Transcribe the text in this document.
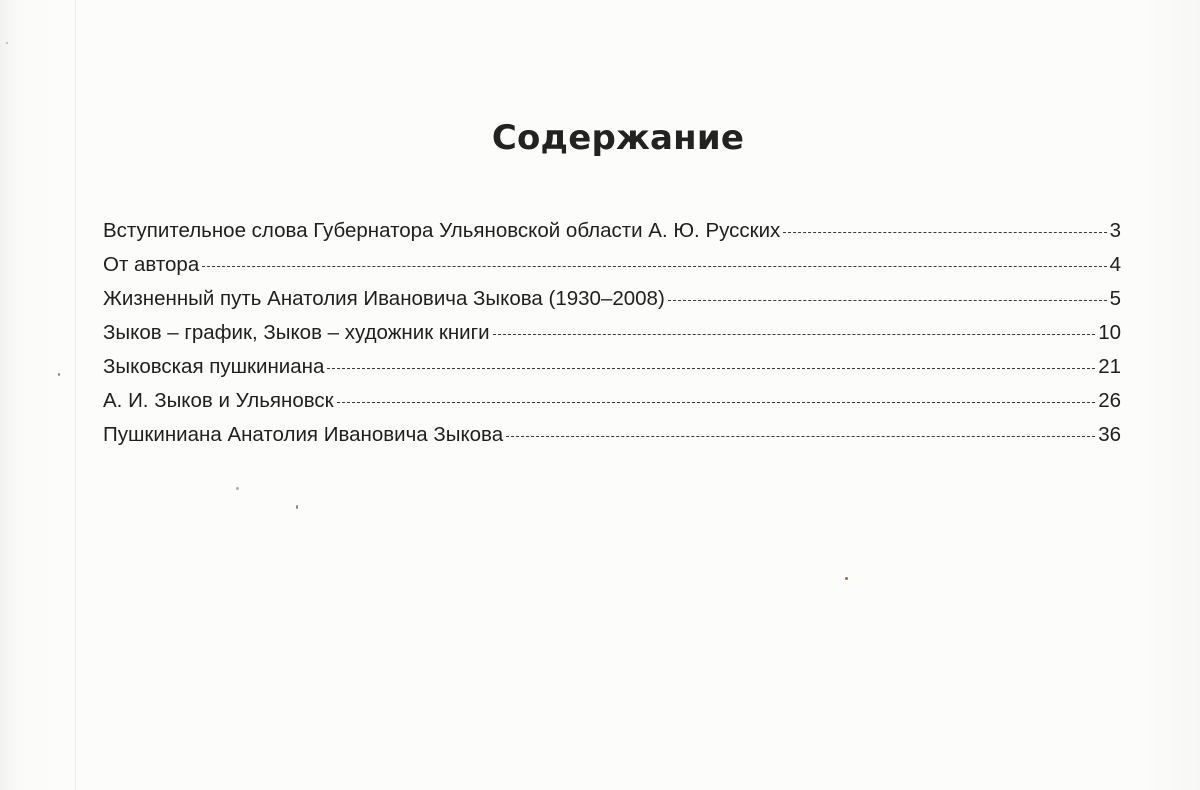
Содержание
Вступительное слова Губернатора Ульяновской области А. Ю. Русских	3
От автора	4
Жизненный путь Анатолия Ивановича Зыкова (1930–2008)	5
Зыков – график, Зыков – художник книги	10
Зыковская пушкиниана	21
А. И. Зыков и Ульяновск	26
Пушкиниана Анатолия Ивановича Зыкова	36
